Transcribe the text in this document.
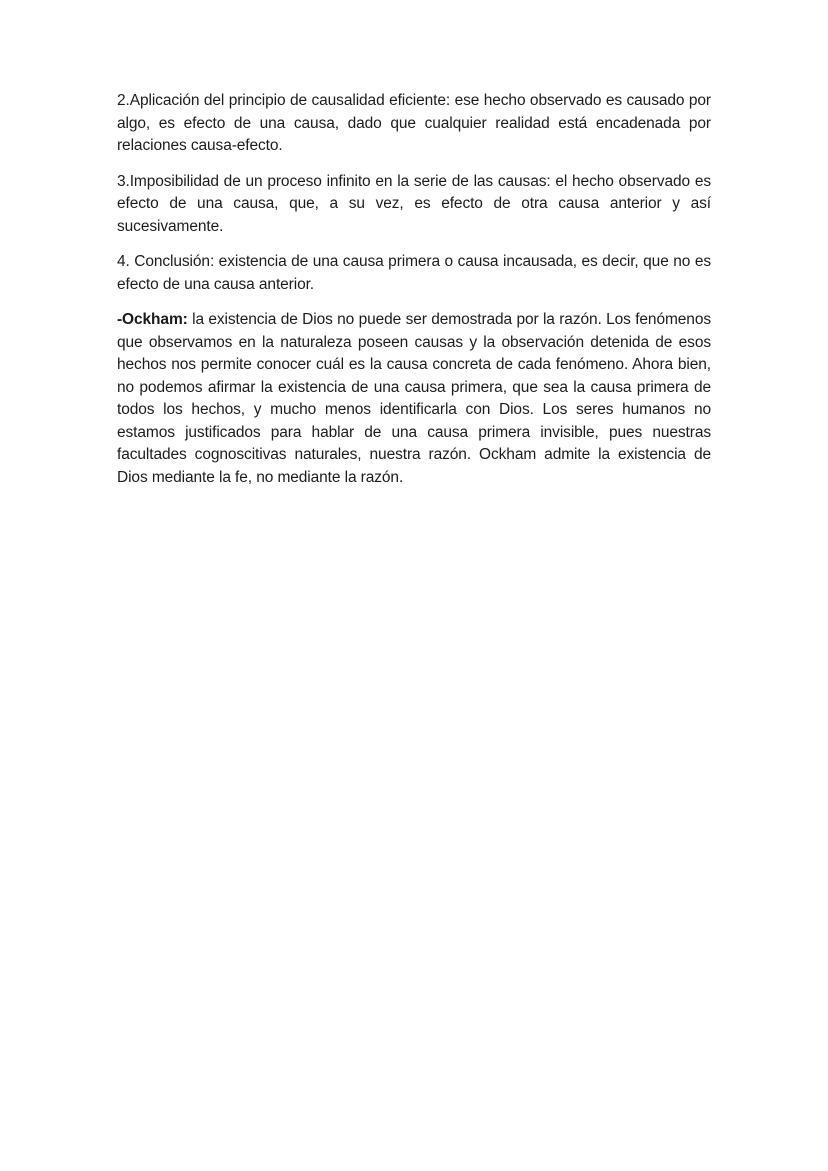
2.Aplicación del principio de causalidad eficiente: ese hecho observado es causado por algo, es efecto de una causa, dado que cualquier realidad está encadenada por relaciones causa-efecto.

3.Imposibilidad de un proceso infinito en la serie de las causas: el hecho observado es efecto de una causa, que, a su vez, es efecto de otra causa anterior y así sucesivamente.

4. Conclusión: existencia de una causa primera o causa incausada, es decir, que no es efecto de una causa anterior.

-Ockham: la existencia de Dios no puede ser demostrada por la razón. Los fenómenos que observamos en la naturaleza poseen causas y la observación detenida de esos hechos nos permite conocer cuál es la causa concreta de cada fenómeno. Ahora bien, no podemos afirmar la existencia de una causa primera, que sea la causa primera de todos los hechos, y mucho menos identificarla con Dios. Los seres humanos no estamos justificados para hablar de una causa primera invisible, pues nuestras facultades cognoscitivas naturales, nuestra razón. Ockham admite la existencia de Dios mediante la fe, no mediante la razón.
